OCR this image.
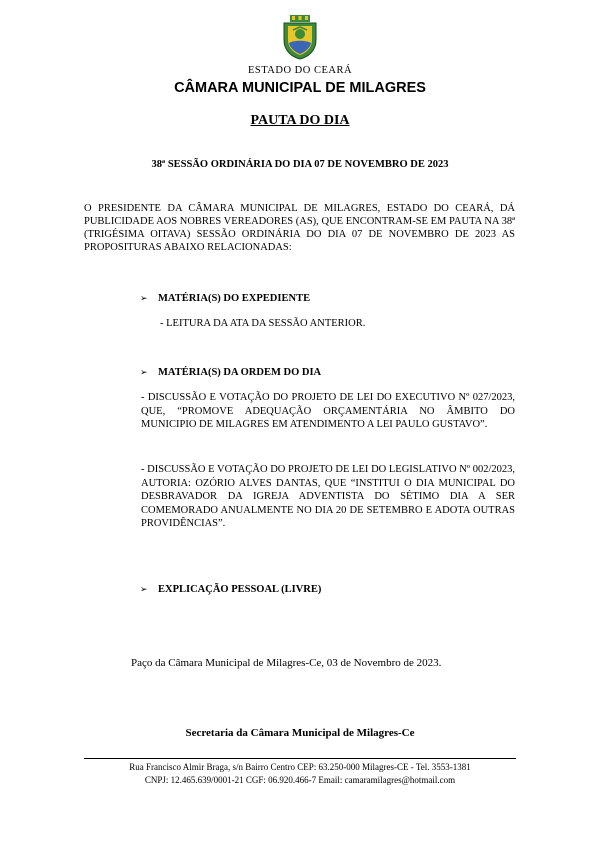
ESTADO DO CEARÁ
CÂMARA MUNICIPAL DE MILAGRES
PAUTA DO DIA
38ª SESSÃO ORDINÁRIA DO DIA 07 DE NOVEMBRO DE 2023

O PRESIDENTE DA CÂMARA MUNICIPAL DE MILAGRES, ESTADO DO CEARÁ, DÁ PUBLICIDADE AOS NOBRES VEREADORES (AS), QUE ENCONTRAM-SE EM PAUTA NA 38ª (TRIGÉSIMA OITAVA) SESSÃO ORDINÁRIA DO DIA 07 DE NOVEMBRO DE 2023 AS PROPOSITURAS ABAIXO RELACIONADAS:

➢ MATÉRIA(S) DO EXPEDIENTE
- LEITURA DA ATA DA SESSÃO ANTERIOR.
➢ MATÉRIA(S) DA ORDEM DO DIA

- DISCUSSÃO E VOTAÇÃO DO PROJETO DE LEI DO EXECUTIVO Nº 027/2023, QUE, “PROMOVE ADEQUAÇÃO ORÇAMENTÁRIA NO ÂMBITO DO MUNICIPIO DE MILAGRES EM ATENDIMENTO A LEI PAULO GUSTAVO”.

- DISCUSSÃO E VOTAÇÃO DO PROJETO DE LEI DO LEGISLATIVO Nº 002/2023, AUTORIA: OZÓRIO ALVES DANTAS, QUE “INSTITUI O DIA MUNICIPAL DO DESBRAVADOR DA IGREJA ADVENTISTA DO SÉTIMO DIA A SER COMEMORADO ANUALMENTE NO DIA 20 DE SETEMBRO E ADOTA OUTRAS PROVIDÊNCIAS”.

➢ EXPLICAÇÃO PESSOAL (LIVRE)
Paço da Câmara Municipal de Milagres-Ce, 03 de Novembro de 2023.
Secretaria da Câmara Municipal de Milagres-Ce
Rua Francisco Almir Braga, s/n Bairro Centro CEP: 63.250-000 Milagres-CE - Tel. 3553-1381
CNPJ: 12.465.639/0001-21 CGF: 06.920.466-7 Email: camaramilagres@hotmail.com
